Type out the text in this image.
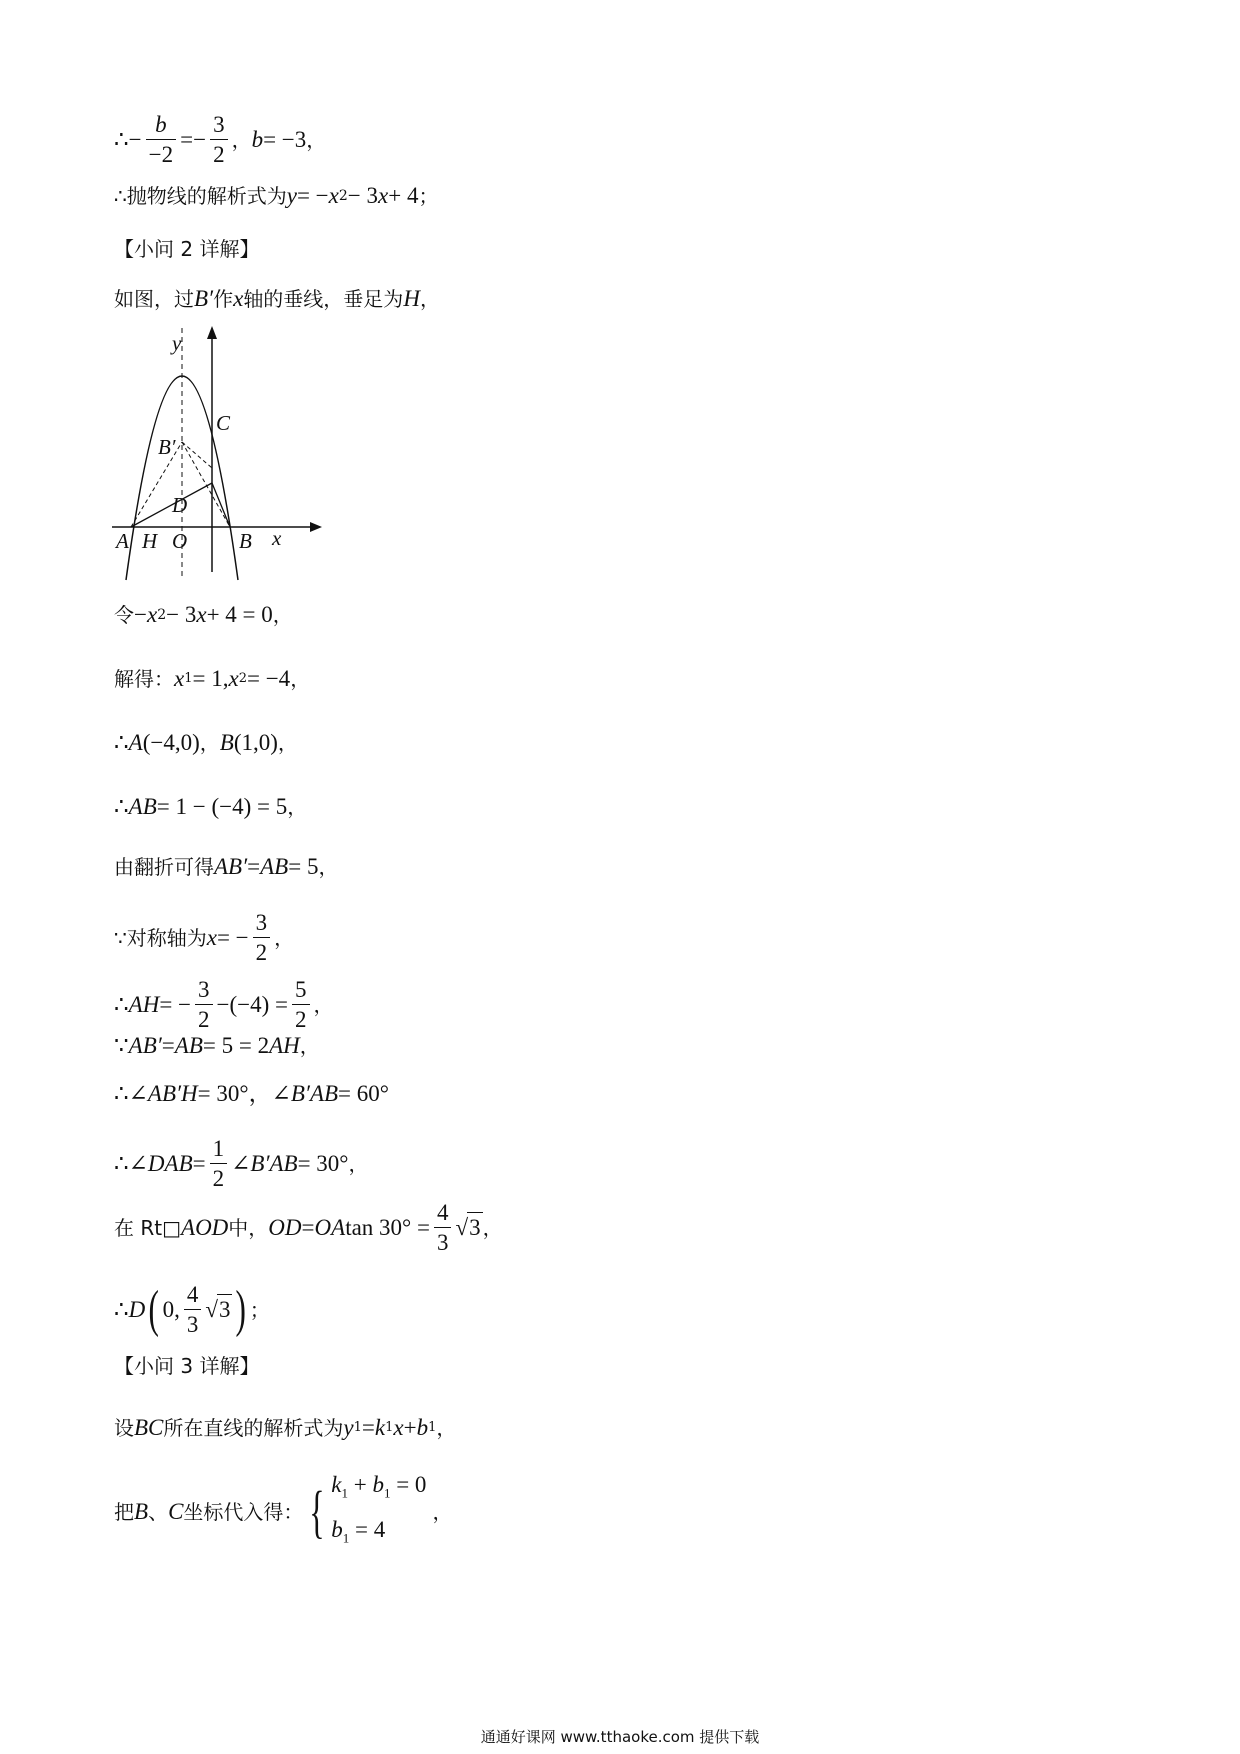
∴ − $\frac{b}{-2}$ = − $\frac{3}{2}$ ， b = −3 ，
∴抛物线的解析式为 y = − x 2 − 3 x + 4 ；
【小问 2 详解】
如图，过 B′ 作 x 轴的垂线，垂足为 H ，
y
x
C
B′
D
A H O B
令 − x 2 − 3 x + 4 = 0 ，
解得： x 1 = 1, x 2 = −4 ，
∴ A (−4,0) ， B (1,0) ，
∴ AB = 1 − (−4) = 5 ，
由翻折可得 AB′ = AB = 5 ，
∵对称轴为 x = − $\frac{3}{2}$ ，
∴ AH = − $\frac{3}{2} -(-4) = \frac{5}{2}$ ，
∵ AB′ = AB = 5 = 2 AH ，
∴∠ AB′H = 30° ，∠ B′AB = 60°
∴∠ DAB = $\frac{1}{2}$ ∠ B′AB = 30° ，
在 Rt □ AOD 中， OD = OA $\tan 30^\circ = \frac{4}{3}$ √ 3 ，
∴ D ( 0, $\frac{4}{3}$ √ 3 ) ；
【小问 3 详解】
设 BC 所在直线的解析式为 y 1 = k 1 x + b 1 ，
把 B 、 C 坐标代入得： { $k_1 + b_1 = 0$
$b_1 = 4$
，
通通好课网 www.tthaoke.com 提供下载
